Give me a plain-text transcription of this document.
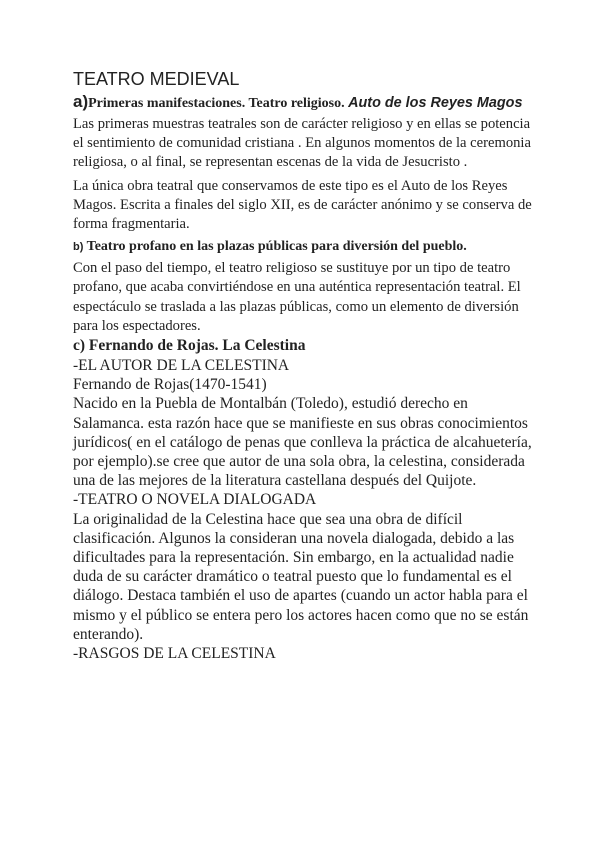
TEATRO MEDIEVAL

a)Primeras manifestaciones. Teatro religioso. Auto de los Reyes Magos

Las primeras muestras teatrales son de carácter religioso y en ellas se potencia el sentimiento de comunidad cristiana . En algunos momentos de la ceremonia religiosa, o al final, se representan escenas de la vida de Jesucristo .

La única obra teatral que conservamos de este tipo es el Auto de los Reyes Magos. Escrita a finales del siglo XII, es de carácter anónimo y se conserva de forma fragmentaria.

b) Teatro profano en las plazas públicas para diversión del pueblo.

Con el paso del tiempo, el teatro religioso se sustituye por un tipo de teatro profano, que acaba convirtiéndose en una auténtica representación teatral. El espectáculo se traslada a las plazas públicas, como un elemento de diversión para los espectadores.

c) Fernando de Rojas. La Celestina

-EL AUTOR DE LA CELESTINA

Fernando de Rojas(1470-1541)

Nacido en la Puebla de Montalbán (Toledo), estudió derecho en Salamanca. esta razón hace que se manifieste en sus obras conocimientos jurídicos( en el catálogo de penas que conlleva la práctica de alcahuetería, por ejemplo).se cree que autor de una sola obra, la celestina, considerada una de las mejores de la literatura castellana después del Quijote.

-TEATRO O NOVELA DIALOGADA

La originalidad de la Celestina hace que sea una obra de difícil clasificación. Algunos la consideran una novela dialogada, debido a las dificultades para la representación. Sin embargo, en la actualidad nadie duda de su carácter dramático o teatral puesto que lo fundamental es el diálogo. Destaca también el uso de apartes (cuando un actor habla para el mismo y el público se entera pero los actores hacen como que no se están enterando).

-RASGOS DE LA CELESTINA
